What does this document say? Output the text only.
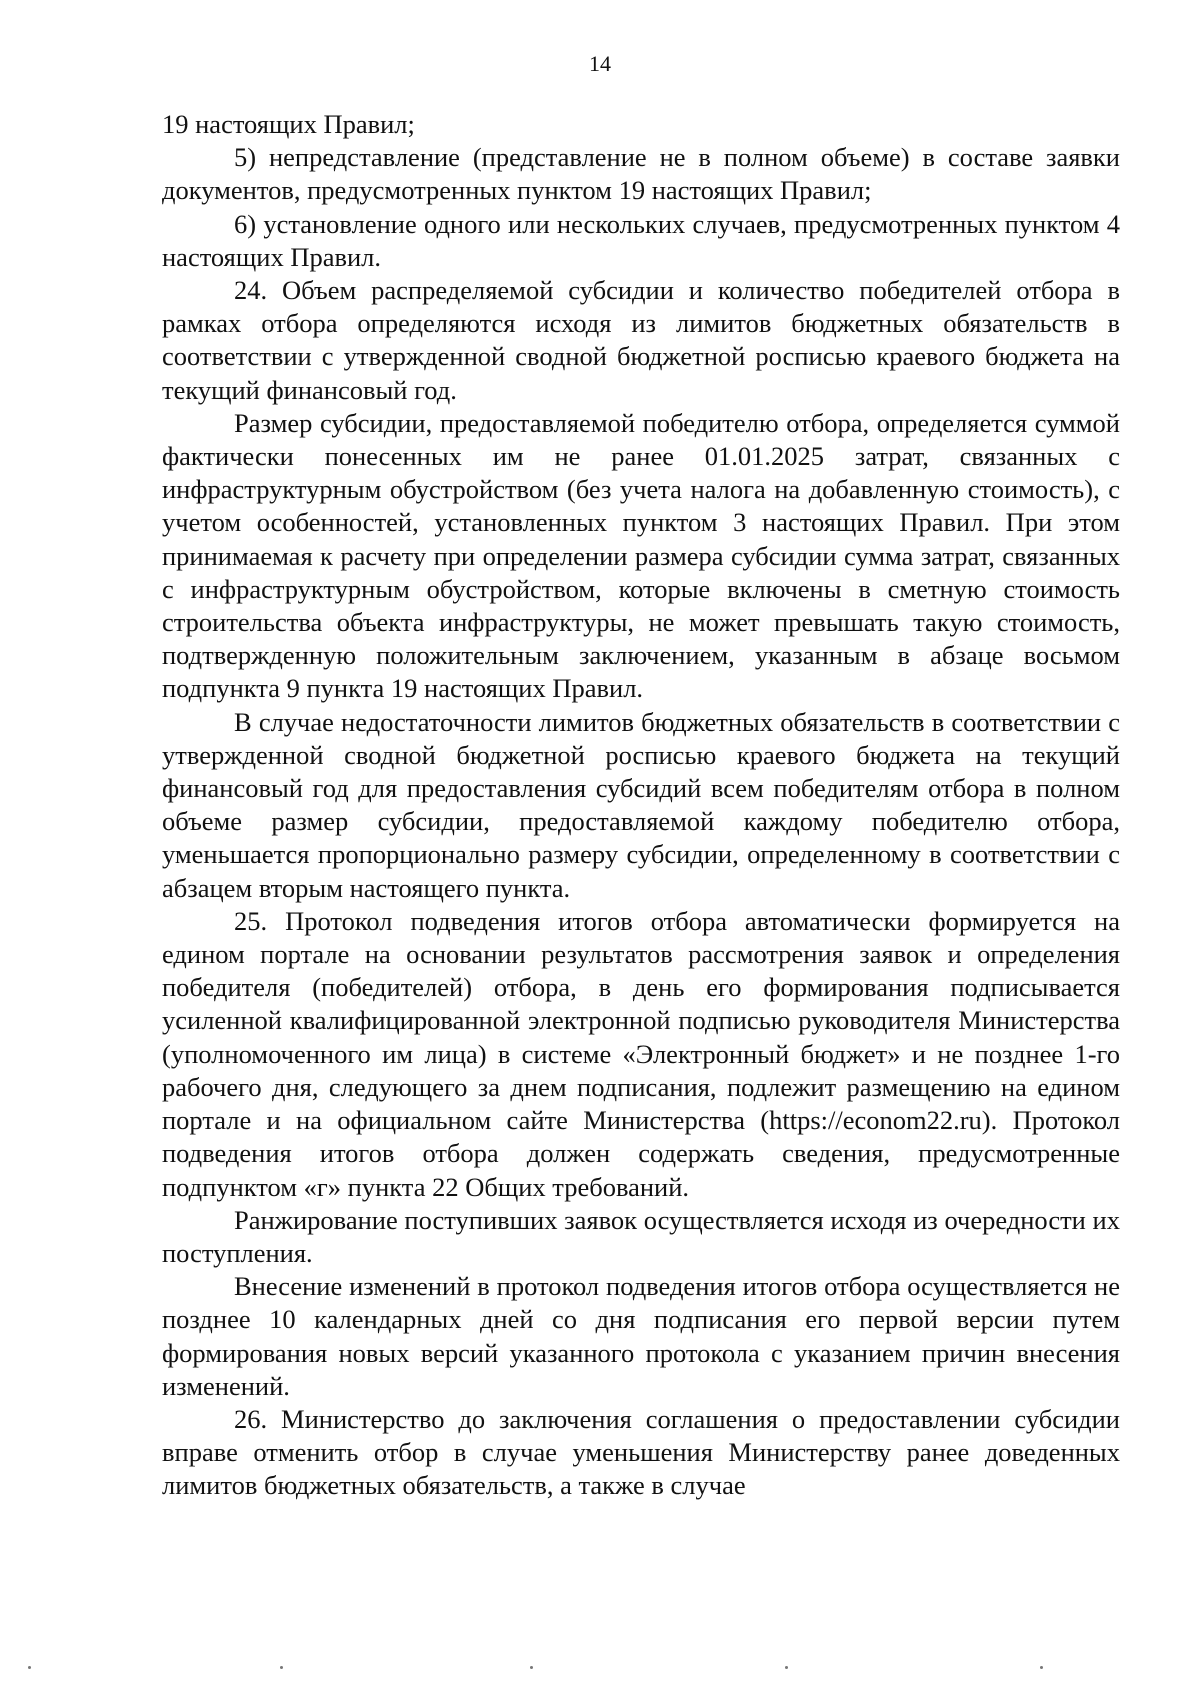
14

19 настоящих Правил;

5) непредставление (представление не в полном объеме) в составе заявки документов, предусмотренных пунктом 19 настоящих Правил;

6) установление одного или нескольких случаев, предусмотренных пунктом 4 настоящих Правил.

24. Объем распределяемой субсидии и количество победителей отбора в рамках отбора определяются исходя из лимитов бюджетных обязательств в соответствии с утвержденной сводной бюджетной росписью краевого бюджета на текущий финансовый год.

Размер субсидии, предоставляемой победителю отбора, определяется суммой фактически понесенных им не ранее 01.01.2025 затрат, связанных с инфраструктурным обустройством (без учета налога на добавленную стоимость), с учетом особенностей, установленных пунктом 3 настоящих Правил. При этом принимаемая к расчету при определении размера субсидии сумма затрат, связанных с инфраструктурным обустройством, которые включены в сметную стоимость строительства объекта инфраструктуры, не может превышать такую стоимость, подтвержденную положительным заключением, указанным в абзаце восьмом подпункта 9 пункта 19 настоящих Правил.

В случае недостаточности лимитов бюджетных обязательств в соответствии с утвержденной сводной бюджетной росписью краевого бюджета на текущий финансовый год для предоставления субсидий всем победителям отбора в полном объеме размер субсидии, предоставляемой каждому победителю отбора, уменьшается пропорционально размеру субсидии, определенному в соответствии с абзацем вторым настоящего пункта.

25. Протокол подведения итогов отбора автоматически формируется на едином портале на основании результатов рассмотрения заявок и определения победителя (победителей) отбора, в день его формирования подписывается усиленной квалифицированной электронной подписью руководителя Министерства (уполномоченного им лица) в системе «Электронный бюджет» и не позднее 1-го рабочего дня, следующего за днем подписания, подлежит размещению на едином портале и на официальном сайте Министерства (https://econom22.ru). Протокол подведения итогов отбора должен содержать сведения, предусмотренные подпунктом «г» пункта 22 Общих требований.

Ранжирование поступивших заявок осуществляется исходя из очередности их поступления.

Внесение изменений в протокол подведения итогов отбора осуществляется не позднее 10 календарных дней со дня подписания его первой версии путем формирования новых версий указанного протокола с указанием причин внесения изменений.

26. Министерство до заключения соглашения о предоставлении субсидии вправе отменить отбор в случае уменьшения Министерству ранее доведенных лимитов бюджетных обязательств, а также в случае
